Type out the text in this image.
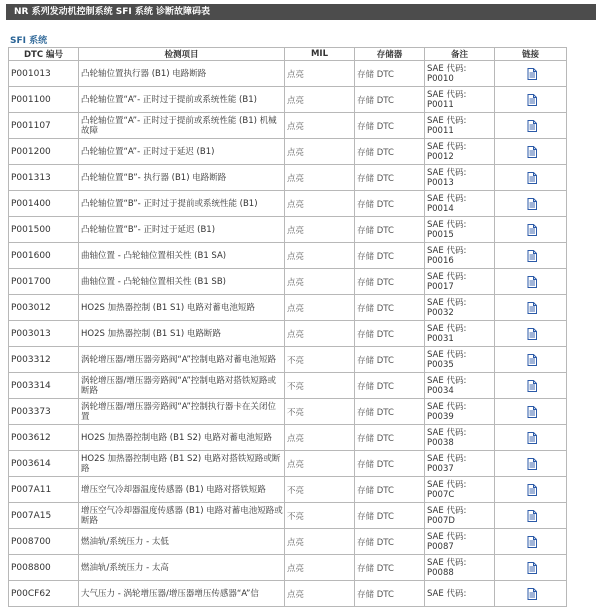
NR 系列发动机控制系统 SFI 系统 诊断故障码表
SFI 系统
DTC 编号	检测项目	MIL	存储器	备注	链接
P001013	凸轮轴位置执行器 (B1) 电路断路	点亮	存储 DTC	SAE 代码:
P0010	
P001100	凸轮轴位置“A”- 正时过于提前或系统性能 (B1)	点亮	存储 DTC	SAE 代码:
P0011	
P001107	凸轮轴位置“A”- 正时过于提前或系统性能 (B1) 机械故障	点亮	存储 DTC	SAE 代码:
P0011	
P001200	凸轮轴位置“A”- 正时过于延迟 (B1)	点亮	存储 DTC	SAE 代码:
P0012	
P001313	凸轮轴位置“B”- 执行器 (B1) 电路断路	点亮	存储 DTC	SAE 代码:
P0013	
P001400	凸轮轴位置“B”- 正时过于提前或系统性能 (B1)	点亮	存储 DTC	SAE 代码:
P0014	
P001500	凸轮轴位置“B”- 正时过于延迟 (B1)	点亮	存储 DTC	SAE 代码:
P0015	
P001600	曲轴位置 - 凸轮轴位置相关性 (B1 SA)	点亮	存储 DTC	SAE 代码:
P0016	
P001700	曲轴位置 - 凸轮轴位置相关性 (B1 SB)	点亮	存储 DTC	SAE 代码:
P0017	
P003012	HO2S 加热器控制 (B1 S1) 电路对蓄电池短路	点亮	存储 DTC	SAE 代码:
P0032	
P003013	HO2S 加热器控制 (B1 S1) 电路断路	点亮	存储 DTC	SAE 代码:
P0031	
P003312	涡轮增压器/增压器旁路阀“A”控制电路对蓄电池短路	不亮	存储 DTC	SAE 代码:
P0035	
P003314	涡轮增压器/增压器旁路阀“A”控制电路对搭铁短路或断路	不亮	存储 DTC	SAE 代码:
P0034	
P003373	涡轮增压器/增压器旁路阀“A”控制执行器卡在关闭位置	不亮	存储 DTC	SAE 代码:
P0039	
P003612	HO2S 加热器控制电路 (B1 S2) 电路对蓄电池短路	点亮	存储 DTC	SAE 代码:
P0038	
P003614	HO2S 加热器控制电路 (B1 S2) 电路对搭铁短路或断路	点亮	存储 DTC	SAE 代码:
P0037	
P007A11	增压空气冷却器温度传感器 (B1) 电路对搭铁短路	不亮	存储 DTC	SAE 代码:
P007C	
P007A15	增压空气冷却器温度传感器 (B1) 电路对蓄电池短路或断路	不亮	存储 DTC	SAE 代码:
P007D	
P008700	燃油轨/系统压力 - 太低	点亮	存储 DTC	SAE 代码:
P0087	
P008800	燃油轨/系统压力 - 太高	点亮	存储 DTC	SAE 代码:
P0088	
P00CF62	大气压力 - 涡轮增压器/增压器增压传感器“A”信	点亮	存储 DTC	SAE 代码:
